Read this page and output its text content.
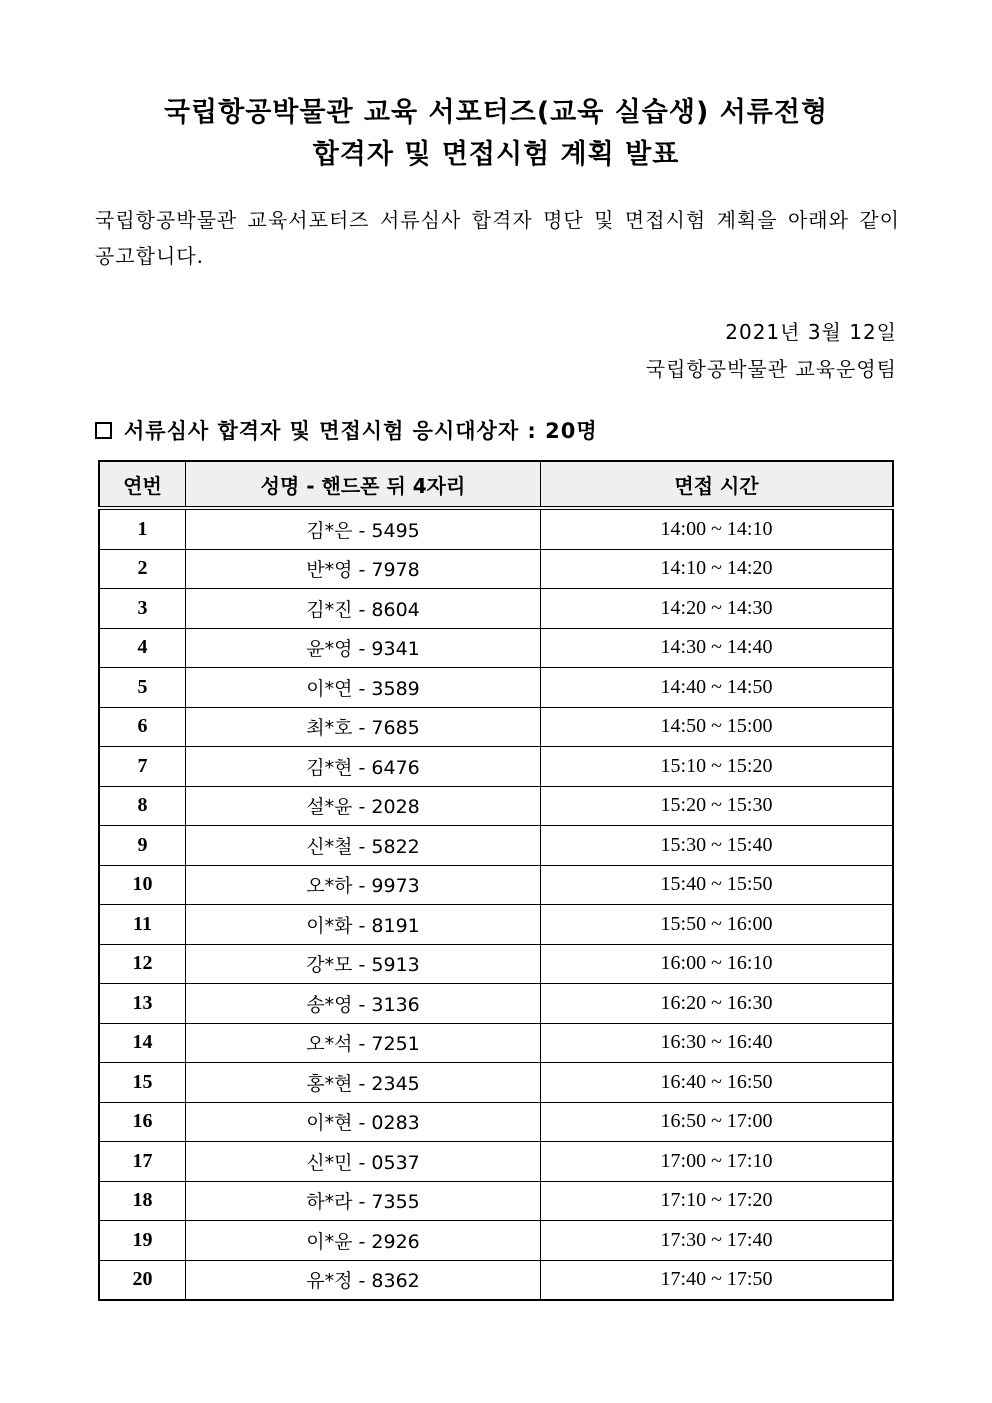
국립항공박물관 교육 서포터즈(교육 실습생) 서류전형
합격자 및 면접시험 계획 발표
국립항공박물관 교육서포터즈 서류심사 합격자 명단 및 면접시험 계획을 아래와 같이 공고합니다.
2021년 3월 12일
국립항공박물관 교육운영팀
서류심사 합격자 및 면접시험 응시대상자 : 20명
연번	성명 - 핸드폰 뒤 4자리	면접 시간
1	김*은 - 5495	14:00 ~ 14:10
2	반*영 - 7978	14:10 ~ 14:20
3	김*진 - 8604	14:20 ~ 14:30
4	윤*영 - 9341	14:30 ~ 14:40
5	이*연 - 3589	14:40 ~ 14:50
6	최*호 - 7685	14:50 ~ 15:00
7	김*현 - 6476	15:10 ~ 15:20
8	설*윤 - 2028	15:20 ~ 15:30
9	신*철 - 5822	15:30 ~ 15:40
10	오*하 - 9973	15:40 ~ 15:50
11	이*화 - 8191	15:50 ~ 16:00
12	강*모 - 5913	16:00 ~ 16:10
13	송*영 - 3136	16:20 ~ 16:30
14	오*석 - 7251	16:30 ~ 16:40
15	홍*현 - 2345	16:40 ~ 16:50
16	이*현 - 0283	16:50 ~ 17:00
17	신*민 - 0537	17:00 ~ 17:10
18	하*라 - 7355	17:10 ~ 17:20
19	이*윤 - 2926	17:30 ~ 17:40
20	유*정 - 8362	17:40 ~ 17:50
